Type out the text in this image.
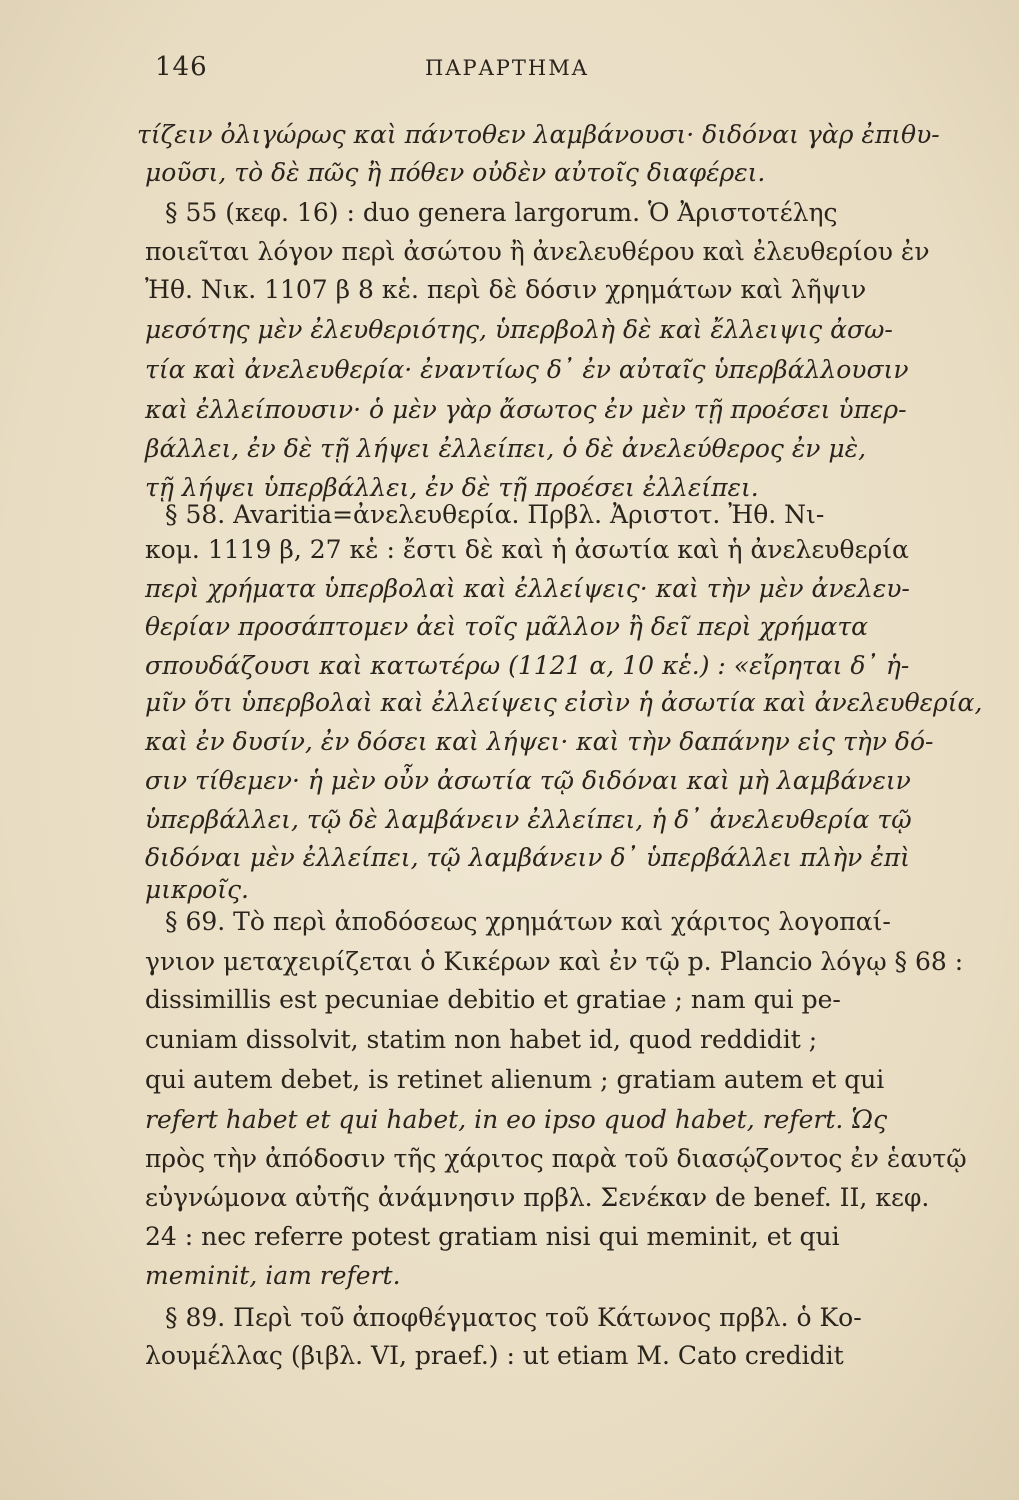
146	ΠΑΡΑΡΤΗΜΑ
τίζειν ὀλιγώρως καὶ πάντοθεν λαμβάνουσι· διδόναι γὰρ ἐπιθυ-
μοῦσι, τὸ δὲ πῶς ἢ πόθεν οὐδὲν αὐτοῖς διαφέρει.
§ 55 (κεφ. 16) : duo genera largorum. Ὁ Ἀριστοτέλης
ποιεῖται λόγον περὶ ἀσώτου ἢ ἀνελευθέρου καὶ ἐλευθερίου ἐν
Ἠθ. Νικ. 1107 β 8 κἑ. περὶ δὲ δόσιν χρημάτων καὶ λῆψιν
μεσότης μὲν ἐλευθεριότης, ὑπερβολὴ δὲ καὶ ἔλλειψις ἀσω-
τία καὶ ἀνελευθερία· ἐναντίως δ᾽ ἐν αὐταῖς ὑπερβάλλουσιν
καὶ ἐλλείπουσιν· ὁ μὲν γὰρ ἄσωτος ἐν μὲν τῇ προέσει ὑπερ-
βάλλει, ἐν δὲ τῇ λήψει ἐλλείπει, ὁ δὲ ἀνελεύθερος ἐν μὲ,
τῇ λήψει ὑπερβάλλει, ἐν δὲ τῇ προέσει ἐλλείπει.
§ 58. Avaritia=ἀνελευθερία. Πρβλ. Ἀριστοτ. Ἠθ. Νι-
κομ. 1119 β, 27 κἑ : ἔστι δὲ καὶ ἡ ἀσωτία καὶ ἡ ἀνελευθερία
περὶ χρήματα ὑπερβολαὶ καὶ ἐλλείψεις· καὶ τὴν μὲν ἀνελευ-
θερίαν προσάπτομεν ἀεὶ τοῖς μᾶλλον ἢ δεῖ περὶ χρήματα
σπουδάζουσι καὶ κατωτέρω (1121 α, 10 κἑ.) : «εἴρηται δ᾽ ἡ-
μῖν ὅτι ὑπερβολαὶ καὶ ἐλλείψεις εἰσὶν ἡ ἀσωτία καὶ ἀνελευθερία,
καὶ ἐν δυσίν, ἐν δόσει καὶ λήψει· καὶ τὴν δαπάνην εἰς τὴν δό-
σιν τίθεμεν· ἡ μὲν οὖν ἀσωτία τῷ διδόναι καὶ μὴ λαμβάνειν
ὑπερβάλλει, τῷ δὲ λαμβάνειν ἐλλείπει, ἡ δ᾽ ἀνελευθερία τῷ
διδόναι μὲν ἐλλείπει, τῷ λαμβάνειν δ᾽ ὑπερβάλλει πλὴν ἐπὶ
μικροῖς.
§ 69. Τὸ περὶ ἀποδόσεως χρημάτων καὶ χάριτος λογοπαί-
γνιον μεταχειρίζεται ὁ Κικέρων καὶ ἐν τῷ p. Plancio λόγῳ § 68 :
dissimillis est pecuniae debitio et gratiae ; nam qui pe-
cuniam dissolvit, statim non habet id, quod reddidit ;
qui autem debet, is retinet alienum ; gratiam autem et qui
refert habet et qui habet, in eo ipso quod habet, refert. Ὡς
πρὸς τὴν ἀπόδοσιν τῆς χάριτος παρὰ τοῦ διασῴζοντος ἐν ἑαυτῷ
εὐγνώμονα αὐτῆς ἀνάμνησιν πρβλ. Σενέκαν de benef. II, κεφ.
24 : nec referre potest gratiam nisi qui meminit, et qui
meminit, iam refert.
§ 89. Περὶ τοῦ ἀποφθέγματος τοῦ Κάτωνος πρβλ. ὁ Κο-
λουμέλλας (βιβλ. VI, praef.) : ut etiam M. Cato credidit
